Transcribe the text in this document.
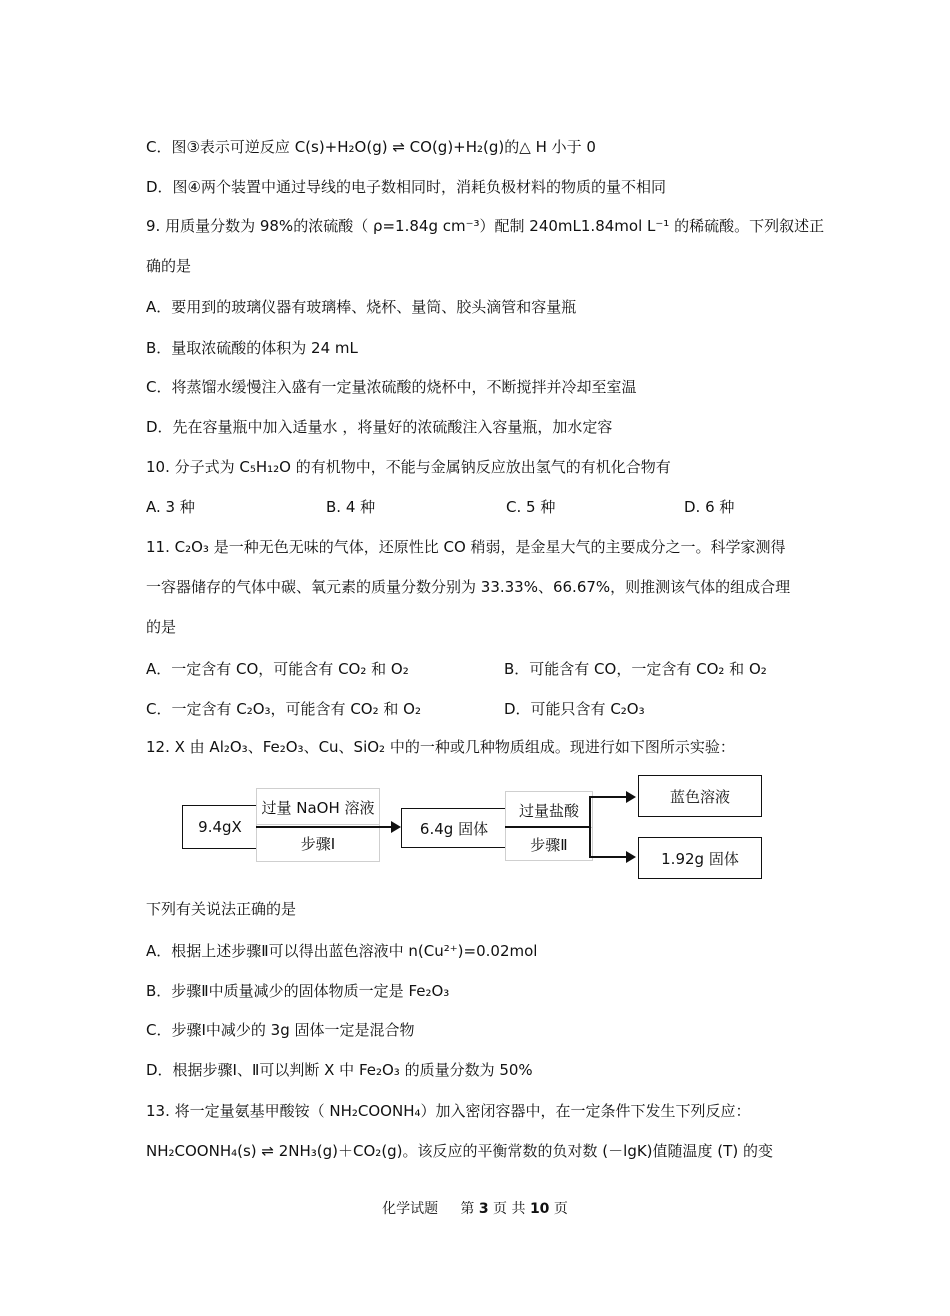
C．图③表示可逆反应 C(s)+H₂O(g) ⇌ CO(g)+H₂(g)的△ H 小于 0
D．图④两个装置中通过导线的电子数相同时，消耗负极材料的物质的量不相同
9. 用质量分数为 98%的浓硫酸（ ρ=1.84g cm⁻³）配制 240mL1.84mol L⁻¹ 的稀硫酸。下列叙述正
确的是
A．要用到的玻璃仪器有玻璃棒、烧杯、量筒、胶头滴管和容量瓶
B．量取浓硫酸的体积为 24 mL
C．将蒸馏水缓慢注入盛有一定量浓硫酸的烧杯中，不断搅拌并冷却至室温
D．先在容量瓶中加入适量水 ，将量好的浓硫酸注入容量瓶，加水定容
10. 分子式为 C₅H₁₂O 的有机物中，不能与金属钠反应放出氢气的有机化合物有
A. 3 种	B. 4 种	C. 5 种	D. 6 种
11. C₂O₃ 是一种无色无味的气体，还原性比 CO 稍弱，是金星大气的主要成分之一。科学家测得
一容器储存的气体中碳、氧元素的质量分数分别为 33.33%、66.67%，则推测该气体的组成合理
的是
A．一定含有 CO，可能含有 CO₂ 和 O₂	B．可能含有 CO，一定含有 CO₂ 和 O₂
C．一定含有 C₂O₃，可能含有 CO₂ 和 O₂	D．可能只含有 C₂O₃
12. X 由 Al₂O₃、Fe₂O₃、Cu、SiO₂ 中的一种或几种物质组成。现进行如下图所示实验：
9.4gX
过量 NaOH 溶液
步骤Ⅰ
6.4g 固体
过量盐酸
步骤Ⅱ
蓝色溶液
1.92g 固体
下列有关说法正确的是
A．根据上述步骤Ⅱ可以得出蓝色溶液中 n(Cu²⁺)=0.02mol
B．步骤Ⅱ中质量减少的固体物质一定是 Fe₂O₃
C．步骤Ⅰ中减少的 3g 固体一定是混合物
D．根据步骤Ⅰ、Ⅱ可以判断 X 中 Fe₂O₃ 的质量分数为 50%
13. 将一定量氨基甲酸铵（ NH₂COONH₄）加入密闭容器中，在一定条件下发生下列反应：
NH₂COONH₄(s) ⇌ 2NH₃(g)＋CO₂(g)。该反应的平衡常数的负对数 (－lgK)值随温度 (T) 的变
化学试题 第 3 页 共 10 页
